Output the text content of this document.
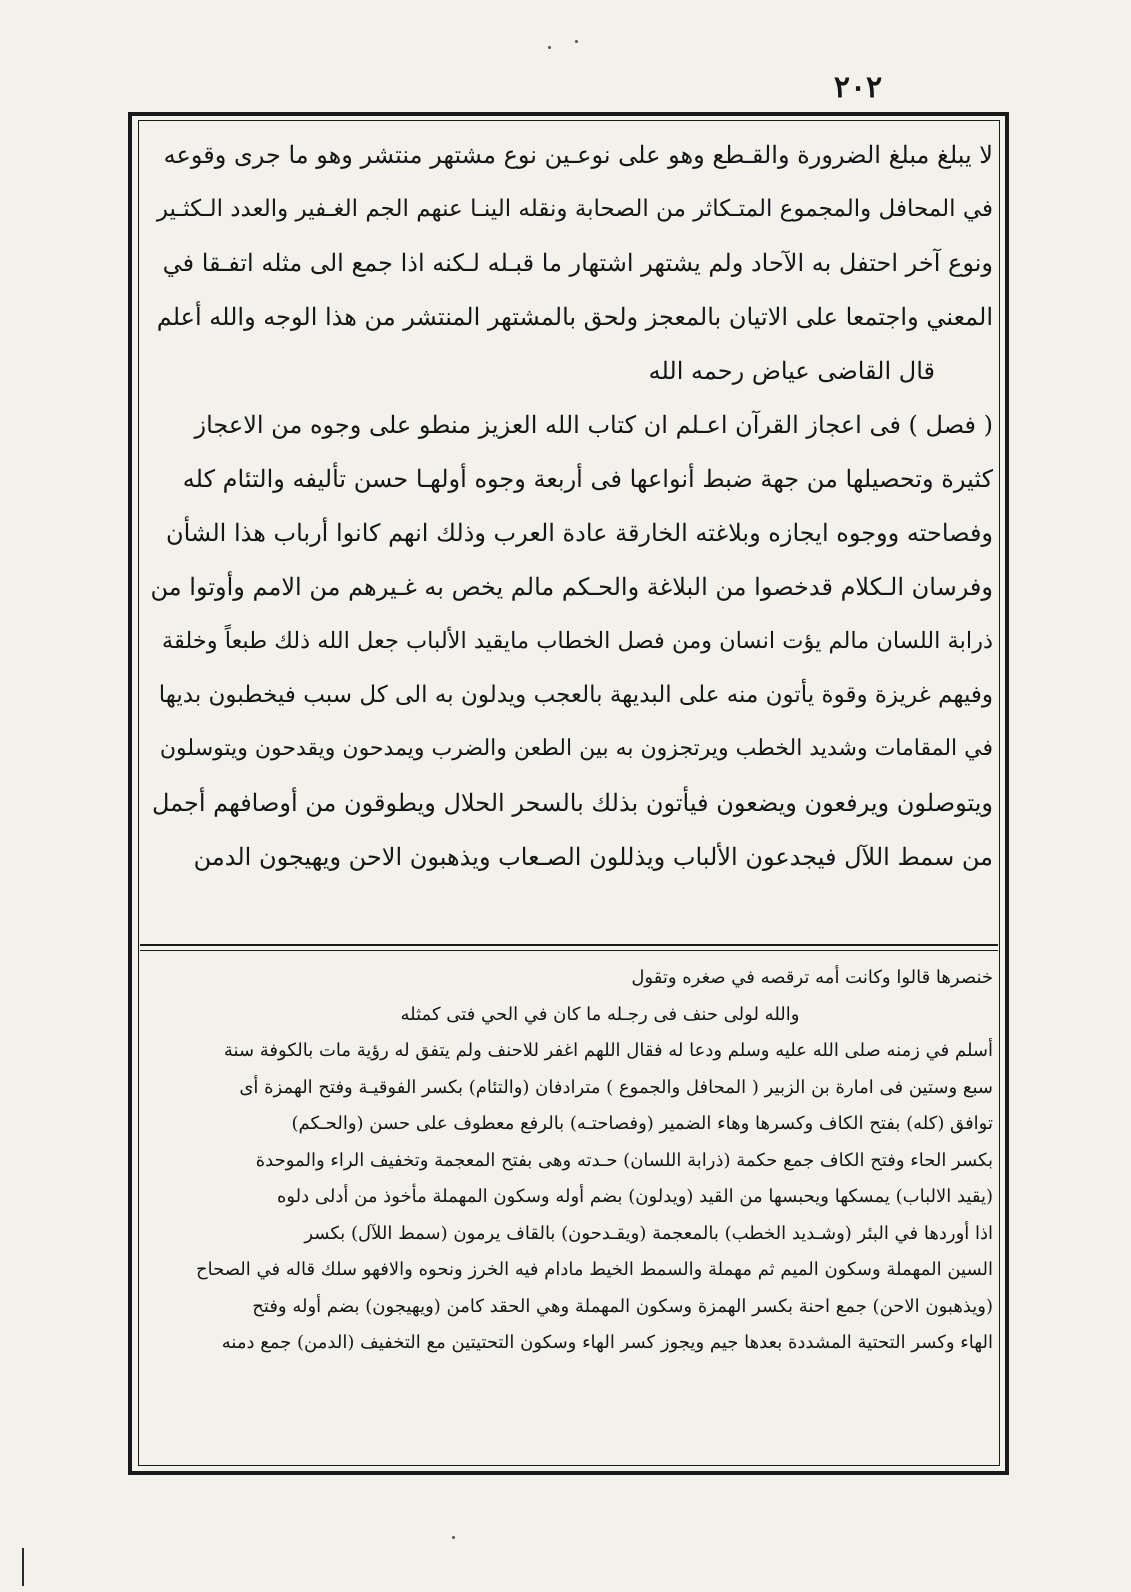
٢٠٢

لا يبلغ مبلغ الضرورة والقـطع وهو على نوعـين نوع مشتهر منتشر وهو ما جرى وقوعه

في المحافل والمجموع المتـكاثر من الصحابة ونقله الينـا عنهم الجم الغـفير والعدد الـكثـير

ونوع آخر احتفل به الآحاد ولم يشتهر اشتهار ما قبـله لـكنه اذا جمع الى مثله اتفـقا في

المعني واجتمعا على الاتيان بالمعجز ولحق بالمشتهر المنتشر من هذا الوجه والله أعلم

قال القاضى عياض رحمه الله

( فصل ) فى اعجاز القرآن اعـلم ان كتاب الله العزيز منطو على وجوه من الاعجاز

كثيرة وتحصيلها من جهة ضبط أنواعها فى أربعة وجوه أولهـا حسن تأليفه والتئام كله

وفصاحته ووجوه ايجازه وبلاغته الخارقة عادة العرب وذلك انهم كانوا أرباب هذا الشأن

وفرسان الـكلام قدخصوا من البلاغة والحـكم مالم يخص به غـيرهم من الامم وأوتوا من

ذرابة اللسان مالم يؤت انسان ومن فصل الخطاب مايقيد الألباب جعل الله ذلك طبعاً وخلقة

وفيهم غريزة وقوة يأتون منه على البديهة بالعجب ويدلون به الى كل سبب فيخطبون بديها

في المقامات وشديد الخطب ويرتجزون به بين الطعن والضرب ويمدحون ويقدحون ويتوسلون

ويتوصلون ويرفعون ويضعون فيأتون بذلك بالسحر الحلال ويطوقون من أوصافهم أجمل

من سمط اللآل فيجدعون الألباب ويذللون الصـعاب ويذهبون الاحن ويهيجون الدمن

خنصرها قالوا وكانت أمه ترقصه في صغره وتقول

والله لولى حنف فى رجـله ما كان في الحي فتى كمثله

أسلم في زمنه صلى الله عليه وسلم ودعا له فقال اللهم اغفر للاحنف ولم يتفق له رؤية مات بالكوفة سنة

سبع وستين فى امارة بن الزبير ( المحافل والجموع ) مترادفان (والتئام) بكسر الفوقيـة وفتح الهمزة أى

توافق (كله) بفتح الكاف وكسرها وهاء الضمير (وفصاحتـه) بالرفع معطوف على حسن (والحـكم)

بكسر الحاء وفتح الكاف جمع حكمة (ذرابة اللسان) حـدته وهى بفتح المعجمة وتخفيف الراء والموحدة

(يقيد الالباب) يمسكها ويحبسها من القيد (ويدلون) بضم أوله وسكون المهملة مأخوذ من أدلى دلوه

اذا أوردها في البئر (وشـديد الخطب) بالمعجمة (ويقـدحون) بالقاف يرمون (سمط اللآل) بكسر

السين المهملة وسكون الميم ثم مهملة والسمط الخيط مادام فيه الخرز ونحوه والافهو سلك قاله في الصحاح

(ويذهبون الاحن) جمع احنة بكسر الهمزة وسكون المهملة وهي الحقد كامن (ويهيجون) بضم أوله وفتح

الهاء وكسر التحتية المشددة بعدها جيم ويجوز كسر الهاء وسكون التحتيتين مع التخفيف (الدمن) جمع دمنه
